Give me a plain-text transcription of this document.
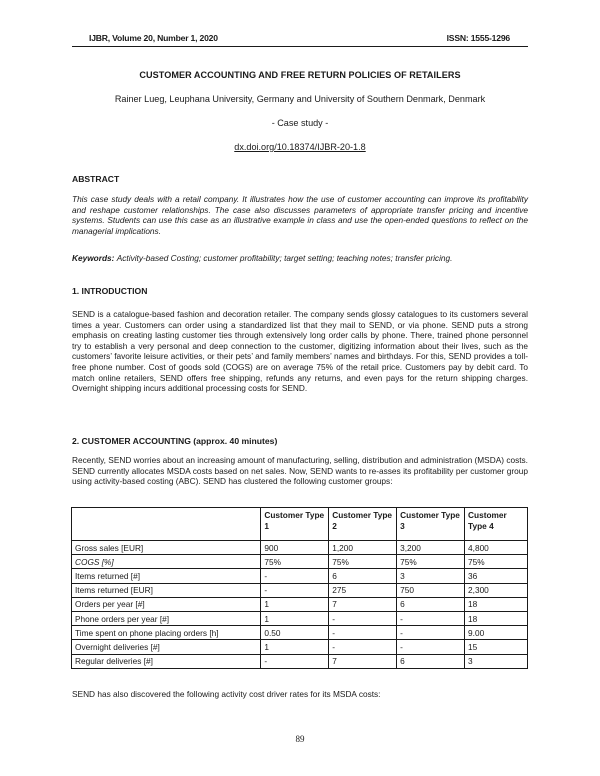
IJBR, Volume 20, Number 1, 2020	ISSN: 1555-1296
CUSTOMER ACCOUNTING AND FREE RETURN POLICIES OF RETAILERS
Rainer Lueg, Leuphana University, Germany and University of Southern Denmark, Denmark
- Case study -
dx.doi.org/10.18374/IJBR-20-1.8
ABSTRACT
This case study deals with a retail company. It illustrates how the use of customer accounting can improve its profitability and reshape customer relationships. The case also discusses parameters of appropriate transfer pricing and incentive systems. Students can use this case as an illustrative example in class and use the open-ended questions to reflect on the managerial implications.
Keywords: Activity-based Costing; customer profitability; target setting; teaching notes; transfer pricing.
1. INTRODUCTION
SEND is a catalogue-based fashion and decoration retailer. The company sends glossy catalogues to its customers several times a year. Customers can order using a standardized list that they mail to SEND, or via phone. SEND puts a strong emphasis on creating lasting customer ties through extensively long order calls by phone. There, trained phone personnel try to establish a very personal and deep connection to the customer, digitizing information about their lives, such as the customers’ favorite leisure activities, or their pets’ and family members’ names and birthdays. For this, SEND provides a toll-free phone number. Cost of goods sold (COGS) are on average 75% of the retail price. Customers pay by debit card. To match online retailers, SEND offers free shipping, refunds any returns, and even pays for the return shipping charges. Overnight shipping incurs additional processing costs for SEND.
2. CUSTOMER ACCOUNTING (approx. 40 minutes)
Recently, SEND worries about an increasing amount of manufacturing, selling, distribution and administration (MSDA) costs. SEND currently allocates MSDA costs based on net sales. Now, SEND wants to re-asses its profitability per customer group using activity-based costing (ABC). SEND has clustered the following customer groups:
	Customer Type 1	Customer Type 2	Customer Type 3	Customer Type 4
Gross sales [EUR]	900	1,200	3,200	4,800
COGS [%]	75%	75%	75%	75%
Items returned [#]	-	6	3	36
Items returned [EUR]	-	275	750	2,300
Orders per year [#]	1	7	6	18
Phone orders per year [#]	1	-	-	18
Time spent on phone placing orders [h]	0.50	-	-	9.00
Overnight deliveries [#]	1	-	-	15
Regular deliveries [#]	-	7	6	3
SEND has also discovered the following activity cost driver rates for its MSDA costs:
89
